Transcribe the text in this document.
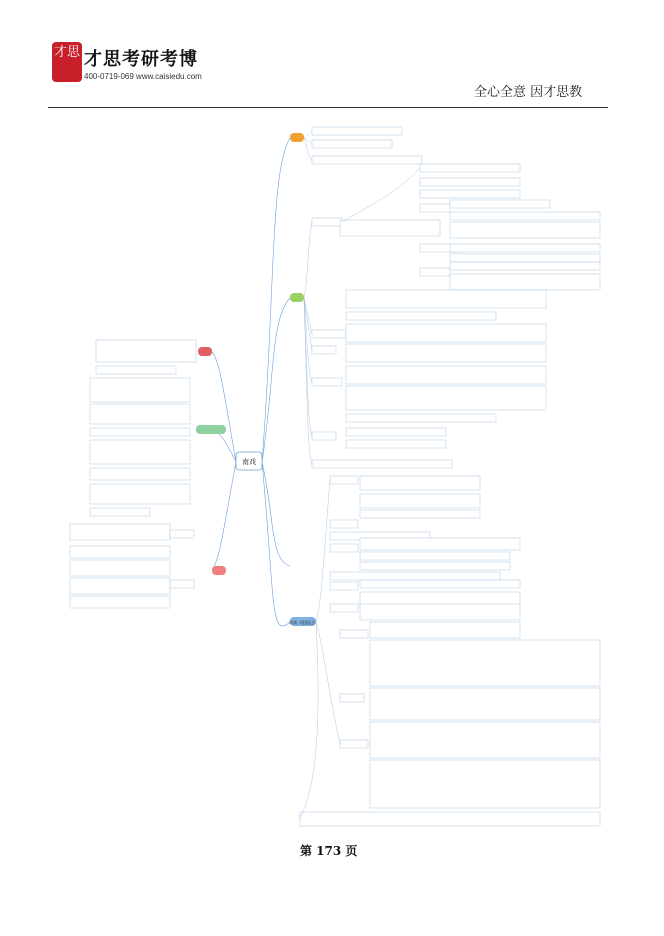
才思 才思考研考博
400-0719-069 www.caisiedu.com
全心全意 因才思教
南戏
南戏《琵琶记》
第 173 页
